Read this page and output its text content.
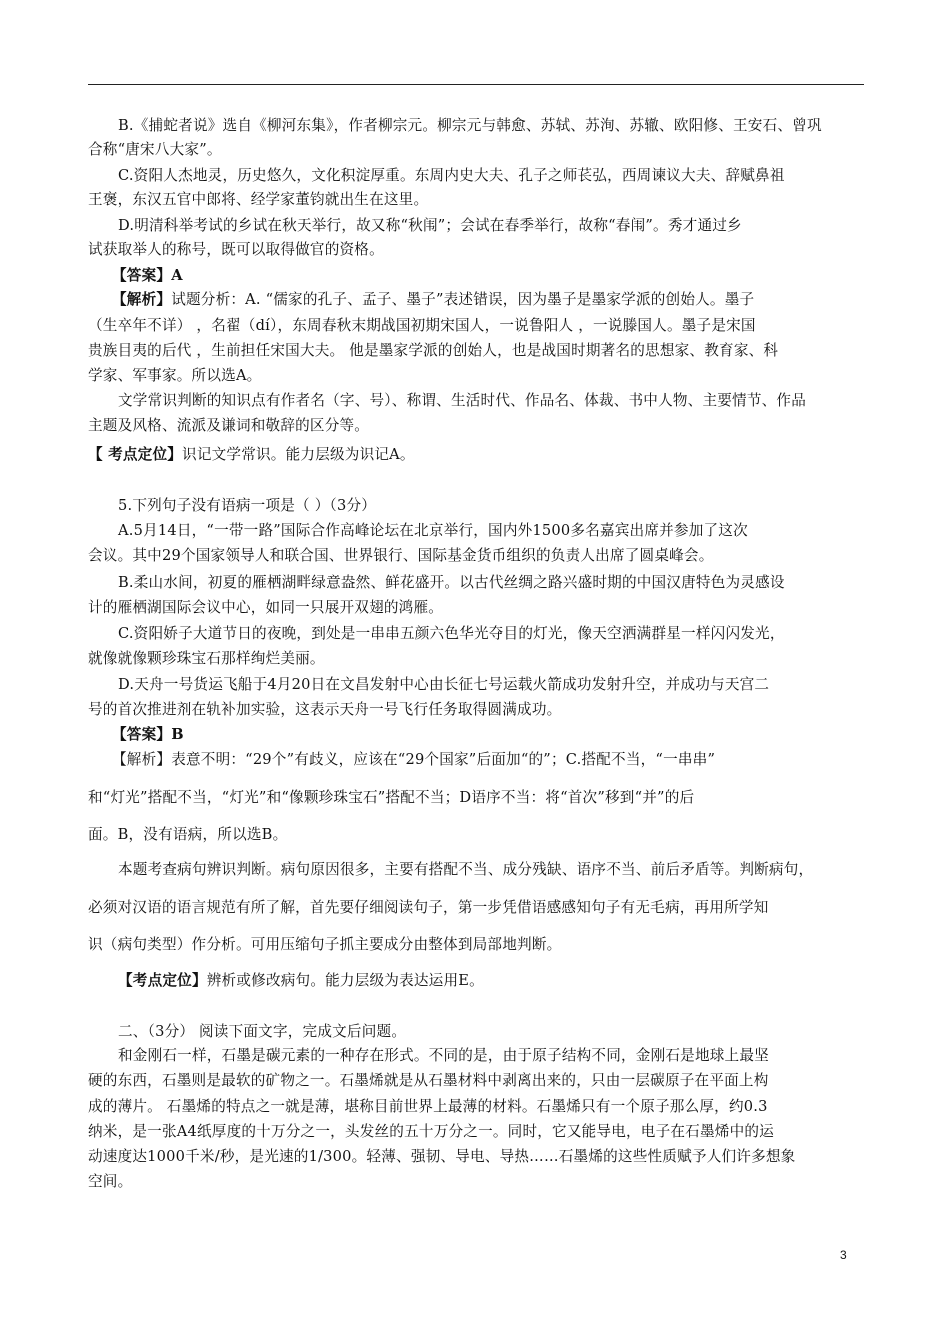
B.《捕蛇者说》选自《柳河东集》，作者柳宗元。柳宗元与韩愈、苏轼、苏洵、苏辙、欧阳修、王安石、曾巩
合称“唐宋八大家”。
C.资阳人杰地灵，历史悠久，文化积淀厚重。东周内史大夫、孔子之师苌弘，西周谏议大夫、辞赋鼻祖
王褒，东汉五官中郎将、经学家董钧就出生在这里。
D.明清科举考试的乡试在秋天举行，故又称“秋闱”；会试在春季举行，故称“春闱”。秀才通过乡
试获取举人的称号，既可以取得做官的资格。
【答案】A
【解析】试题分析：A. “儒家的孔子、孟子、墨子”表述错误，因为墨子是墨家学派的创始人。墨子
（生卒年不详） ，名翟（dí），东周春秋末期战国初期宋国人，一说鲁阳人 ，一说滕国人。墨子是宋国
贵族目夷的后代 ，生前担任宋国大夫。 他是墨家学派的创始人，也是战国时期著名的思想家、教育家、科
学家、军事家。所以选A。
文学常识判断的知识点有作者名（字、号）、称谓、生活时代、作品名、体裁、书中人物、主要情节、作品
主题及风格、流派及谦词和敬辞的区分等。
【 考点定位】识记文学常识。能力层级为识记A。
5.下列句子没有语病一项是（ ）（3分）
A.5月14日，“一带一路”国际合作高峰论坛在北京举行，国内外1500多名嘉宾出席并参加了这次
会议。其中29个国家领导人和联合国、世界银行、国际基金货币组织的负责人出席了圆桌峰会。
B.柔山水间，初夏的雁栖湖畔绿意盎然、鲜花盛开。以古代丝绸之路兴盛时期的中国汉唐特色为灵感设
计的雁栖湖国际会议中心，如同一只展开双翅的鸿雁。
C.资阳娇子大道节日的夜晚，到处是一串串五颜六色华光夺目的灯光，像天空洒满群星一样闪闪发光，
就像就像颗珍珠宝石那样绚烂美丽。
D.天舟一号货运飞船于4月20日在文昌发射中心由长征七号运载火箭成功发射升空，并成功与天宫二
号的首次推进剂在轨补加实验，这表示天舟一号飞行任务取得圆满成功。
【答案】B
【解析】表意不明：“29个”有歧义，应该在“29个国家”后面加“的”；C.搭配不当，“一串串”
和“灯光”搭配不当，“灯光”和“像颗珍珠宝石”搭配不当；D语序不当：将“首次”移到“并”的后
面。B，没有语病，所以选B。
本题考查病句辨识判断。病句原因很多，主要有搭配不当、成分残缺、语序不当、前后矛盾等。判断病句，
必须对汉语的语言规范有所了解，首先要仔细阅读句子，第一步凭借语感感知句子有无毛病，再用所学知
识（病句类型）作分析。可用压缩句子抓主要成分由整体到局部地判断。
【考点定位】辨析或修改病句。能力层级为表达运用E。
二、（3分） 阅读下面文字，完成文后问题。
和金刚石一样，石墨是碳元素的一种存在形式。不同的是，由于原子结构不同，金刚石是地球上最坚
硬的东西，石墨则是最软的矿物之一。石墨烯就是从石墨材料中剥离出来的，只由一层碳原子在平面上构
成的薄片。 石墨烯的特点之一就是薄，堪称目前世界上最薄的材料。石墨烯只有一个原子那么厚，约0.3
纳米，是一张A4纸厚度的十万分之一，头发丝的五十万分之一。同时，它又能导电，电子在石墨烯中的运
动速度达1000千米/秒，是光速的1/300。轻薄、强韧、导电、导热……石墨烯的这些性质赋予人们许多想象
空间。
3
